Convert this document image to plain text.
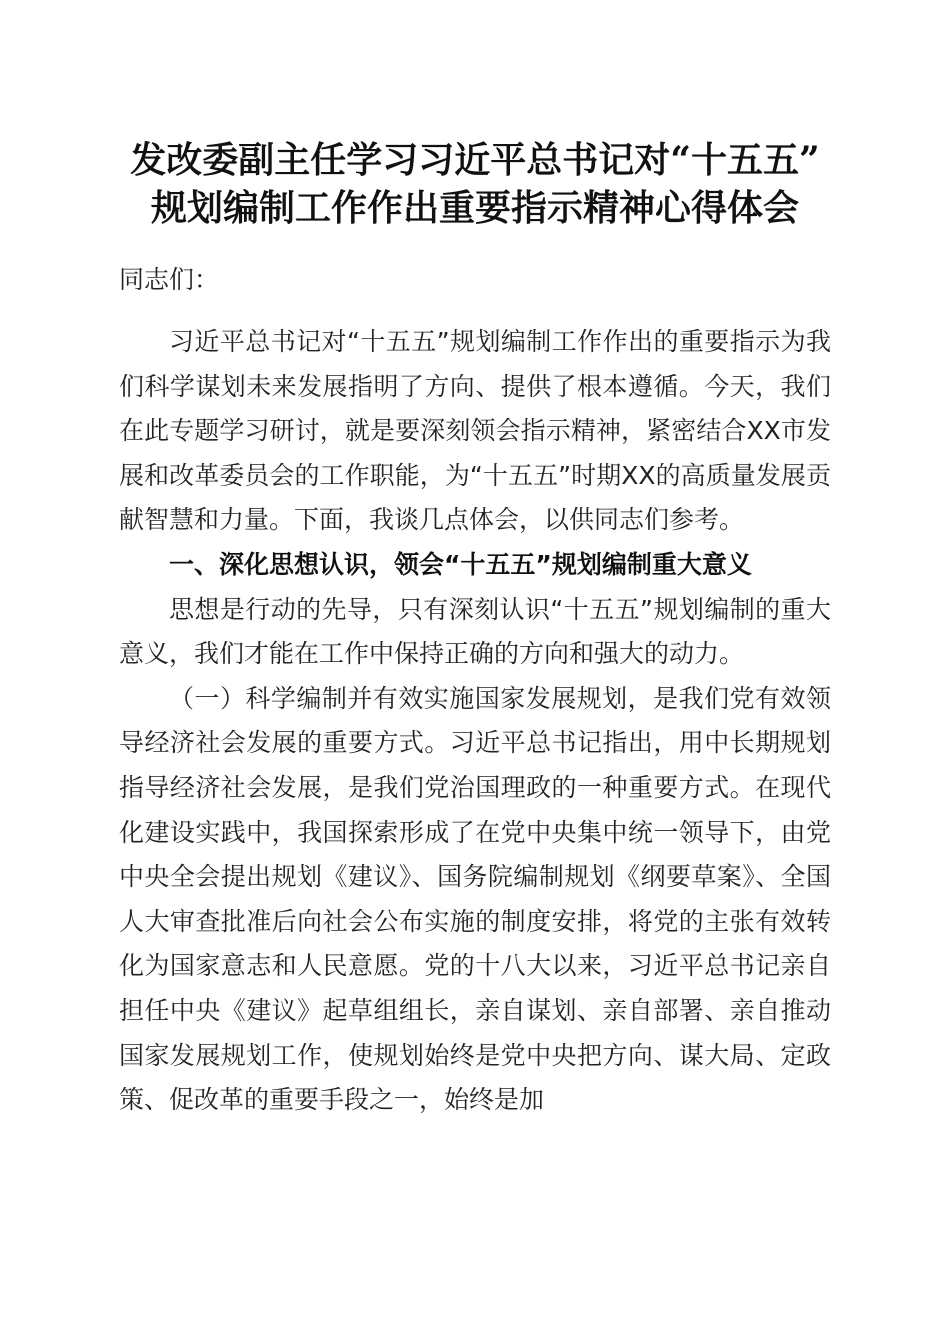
发改委副主任学习习近平总书记对“十五五”
规划编制工作作出重要指示精神心得体会
同志们：

习近平总书记对“十五五”规划编制工作作出的重要指示为我们科学谋划未来发展指明了方向、提供了根本遵循。今天，我们在此专题学习研讨，就是要深刻领会指示精神，紧密结合XX市发展和改革委员会的工作职能，为“十五五”时期XX的高质量发展贡献智慧和力量。下面，我谈几点体会，以供同志们参考。

一、深化思想认识，领会“十五五”规划编制重大意义

思想是行动的先导，只有深刻认识“十五五”规划编制的重大意义，我们才能在工作中保持正确的方向和强大的动力。

（一）科学编制并有效实施国家发展规划，是我们党有效领导经济社会发展的重要方式。习近平总书记指出，用中长期规划指导经济社会发展，是我们党治国理政的一种重要方式。在现代化建设实践中，我国探索形成了在党中央集中统一领导下，由党中央全会提出规划《建议》、国务院编制规划《纲要草案》、全国人大审查批准后向社会公布实施的制度安排，将党的主张有效转化为国家意志和人民意愿。党的十八大以来，习近平总书记亲自担任中央《建议》起草组组长，亲自谋划、亲自部署、亲自推动国家发展规划工作，使规划始终是党中央把方向、谋大局、定政策、促改革的重要手段之一，始终是加
